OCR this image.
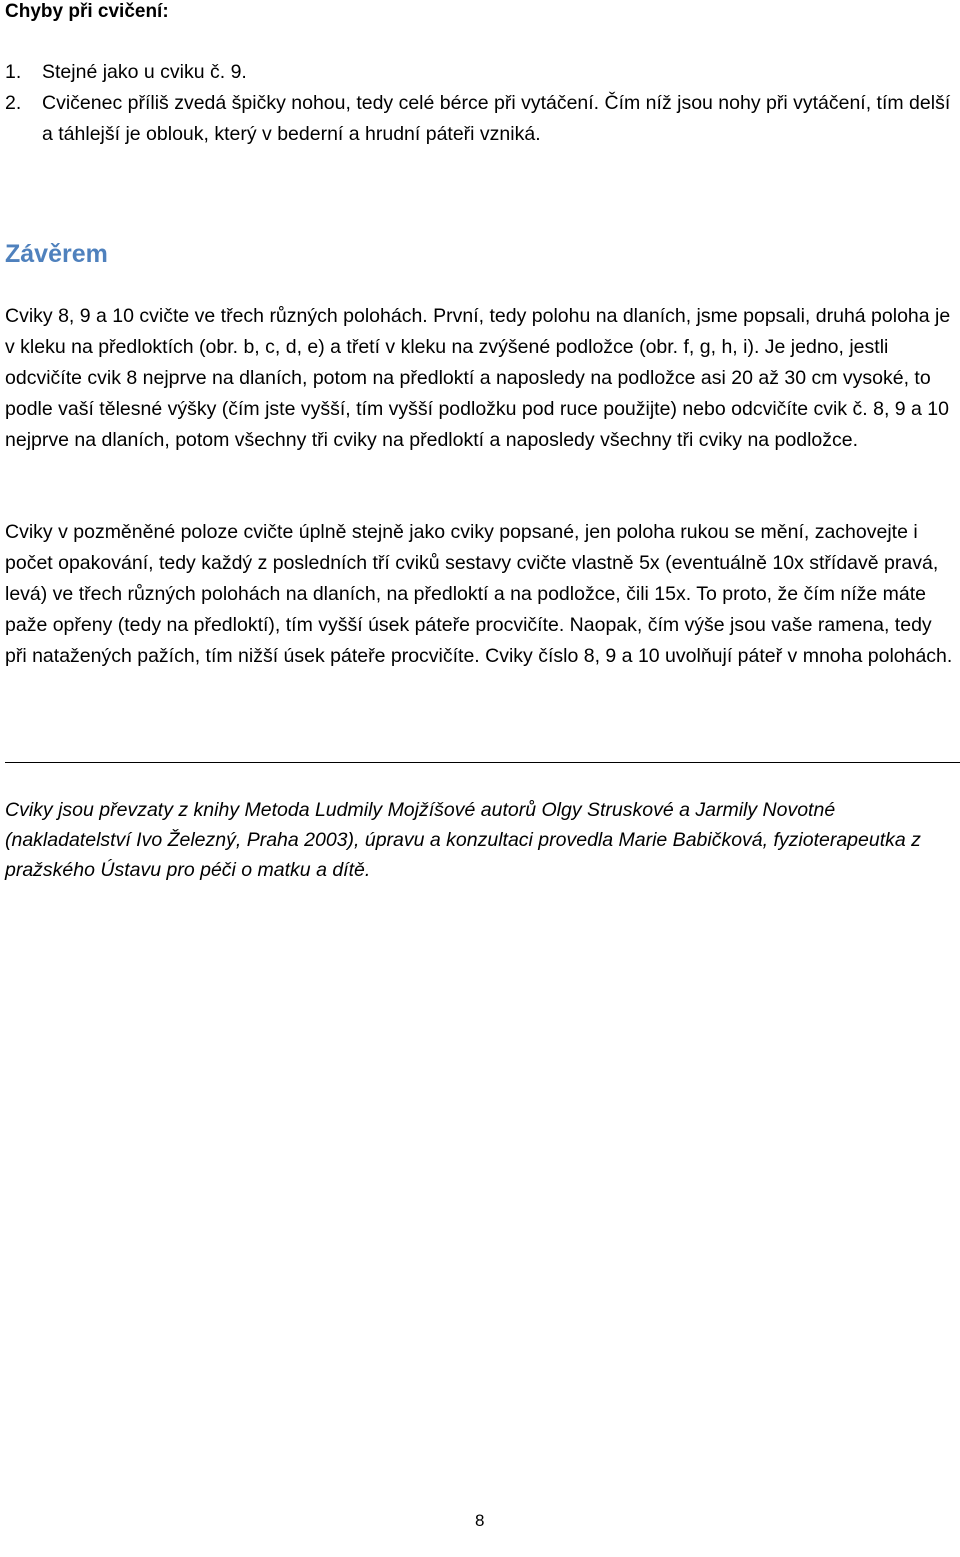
Chyby při cvičení:
1. Stejné jako u cviku č. 9.
2. Cvičenec příliš zvedá špičky nohou, tedy celé bérce při vytáčení. Čím níž jsou nohy při vytáčení, tím delší a táhlejší je oblouk, který v bederní a hrudní páteři vzniká.
Závěrem

Cviky 8, 9 a 10 cvičte ve třech různých polohách. První, tedy polohu na dlaních, jsme popsali, druhá poloha je v kleku na předloktích (obr. b, c, d, e) a třetí v kleku na zvýšené podložce (obr. f, g, h, i). Je jedno, jestli odcvičíte cvik 8 nejprve na dlaních, potom na předloktí a naposledy na podložce asi 20 až 30 cm vysoké, to podle vaší tělesné výšky (čím jste vyšší, tím vyšší podložku pod ruce použijte) nebo odcvičíte cvik č. 8, 9 a 10 nejprve na dlaních, potom všechny tři cviky na předloktí a naposledy všechny tři cviky na podložce.

Cviky v pozměněné poloze cvičte úplně stejně jako cviky popsané, jen poloha rukou se mění, zachovejte i počet opakování, tedy každý z posledních tří cviků sestavy cvičte vlastně 5x (eventuálně 10x střídavě pravá, levá) ve třech různých polohách na dlaních, na předloktí a na podložce, čili 15x. To proto, že čím níže máte paže opřeny (tedy na předloktí), tím vyšší úsek páteře procvičíte. Naopak, čím výše jsou vaše ramena, tedy při natažených pažích, tím nižší úsek páteře procvičíte. Cviky číslo 8, 9 a 10 uvolňují páteř v mnoha polohách.

Cviky jsou převzaty z knihy Metoda Ludmily Mojžíšové autorů Olgy Struskové a Jarmily Novotné (nakladatelství Ivo Železný, Praha 2003), úpravu a konzultaci provedla Marie Babičková, fyzioterapeutka z pražského Ústavu pro péči o matku a dítě.

8
